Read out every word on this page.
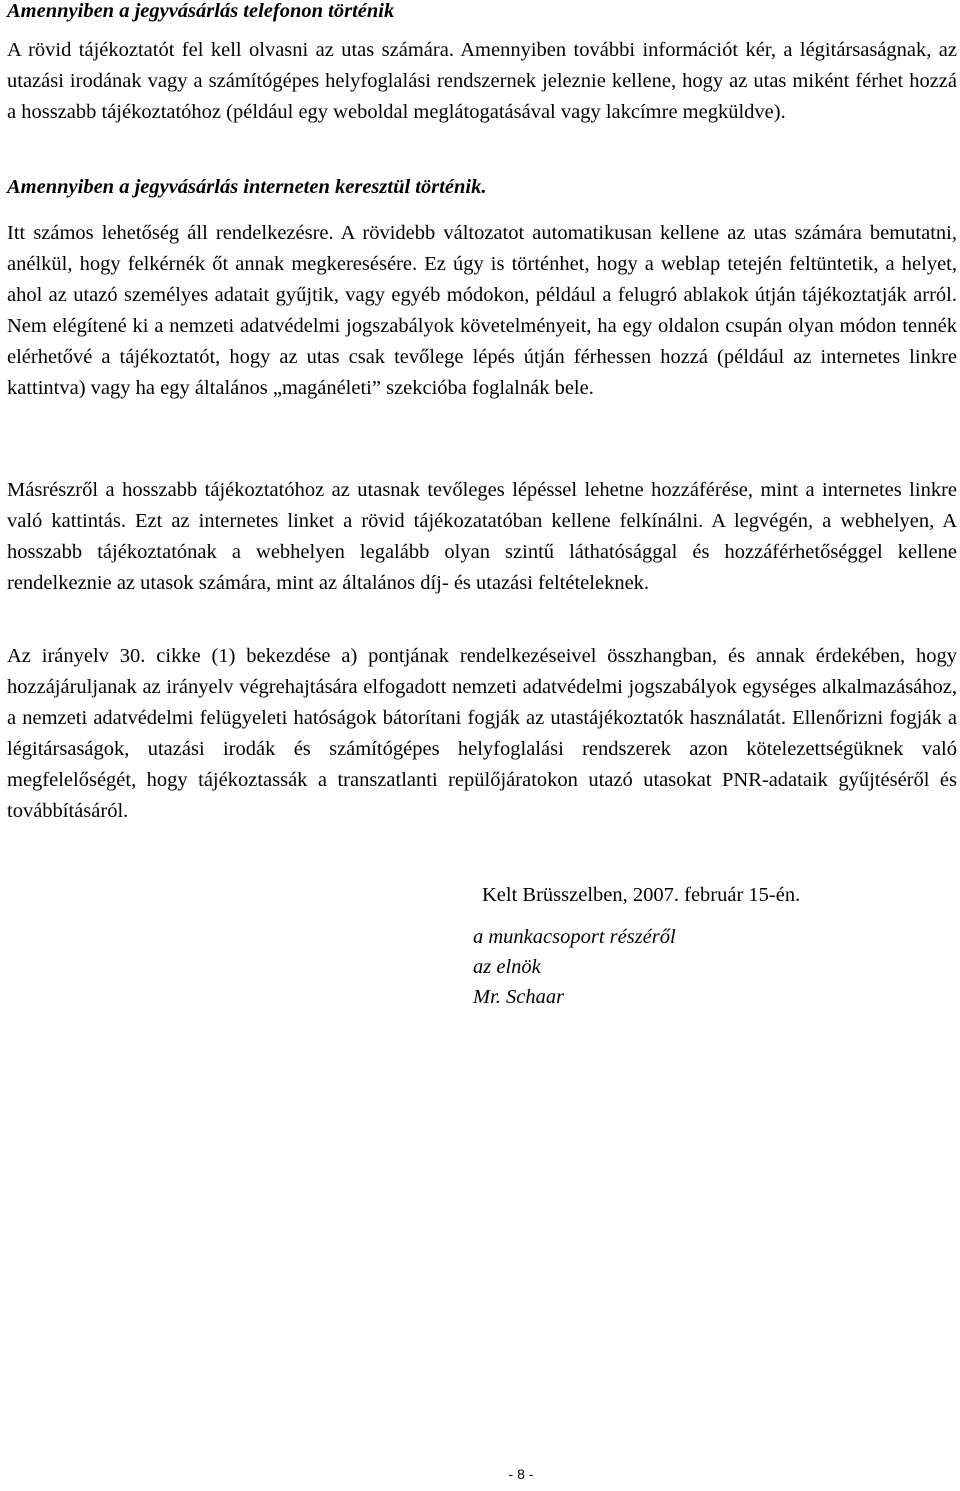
Amennyiben a jegyvásárlás telefonon történik

A rövid tájékoztatót fel kell olvasni az utas számára. Amennyiben további információt kér, a légitársaságnak, az utazási irodának vagy a számítógépes helyfoglalási rendszernek jeleznie kellene, hogy az utas miként férhet hozzá a hosszabb tájékoztatóhoz (például egy weboldal meglátogatásával vagy lakcímre megküldve).

Amennyiben a jegyvásárlás interneten keresztül történik.

Itt számos lehetőség áll rendelkezésre. A rövidebb változatot automatikusan kellene az utas számára bemutatni, anélkül, hogy felkérnék őt annak megkeresésére. Ez úgy is történhet, hogy a weblap tetején feltüntetik, a helyet, ahol az utazó személyes adatait gyűjtik, vagy egyéb módokon, például a felugró ablakok útján tájékoztatják arról. Nem elégítené ki a nemzeti adatvédelmi jogszabályok követelményeit, ha egy oldalon csupán olyan módon tennék elérhetővé a tájékoztatót, hogy az utas csak tevőlege lépés útján férhessen hozzá (például az internetes linkre kattintva) vagy ha egy általános „magánéleti” szekcióba foglalnák bele.

Másrészről a hosszabb tájékoztatóhoz az utasnak tevőleges lépéssel lehetne hozzáférése, mint a internetes linkre való kattintás. Ezt az internetes linket a rövid tájékozatatóban kellene felkínálni. A legvégén, a webhelyen, A hosszabb tájékoztatónak a webhelyen legalább olyan szintű láthatósággal és hozzáférhetőséggel kellene rendelkeznie az utasok számára, mint az általános díj- és utazási feltételeknek.

Az irányelv 30. cikke (1) bekezdése a) pontjának rendelkezéseivel összhangban, és annak érdekében, hogy hozzájáruljanak az irányelv végrehajtására elfogadott nemzeti adatvédelmi jogszabályok egységes alkalmazásához, a nemzeti adatvédelmi felügyeleti hatóságok bátorítani fogják az utastájékoztatók használatát. Ellenőrizni fogják a légitársaságok, utazási irodák és számítógépes helyfoglalási rendszerek azon kötelezettségüknek való megfelelőségét, hogy tájékoztassák a transzatlanti repülőjáratokon utazó utasokat PNR-adataik gyűjtéséről és továbbításáról.

Kelt Brüsszelben, 2007. február 15-én.

a munkacsoport részéről

az elnök

Mr. Schaar

- 8 -
